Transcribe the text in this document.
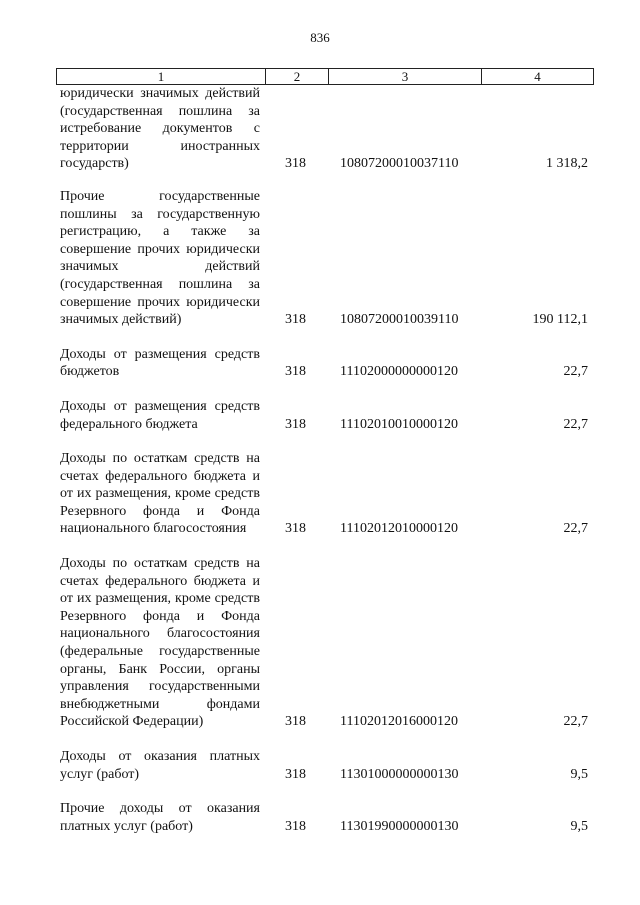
836
1	2	3	4
юридически значимых действий (государственная пошлина за истребование документов с территории иностранных государств)	318	10807200010037110	1 318,2
Прочие государственные пошлины за государственную регистрацию, а также за совершение прочих юридически значимых действий (государственная пошлина за совершение прочих юридически значимых действий)	318	10807200010039110	190 112,1
Доходы от размещения средств бюджетов	318	11102000000000120	22,7
Доходы от размещения средств федерального бюджета	318	11102010010000120	22,7
Доходы по остаткам средств на счетах федерального бюджета и от их размещения, кроме средств Резервного фонда и Фонда национального благосостояния	318	11102012010000120	22,7
Доходы по остаткам средств на счетах федерального бюджета и от их размещения, кроме средств Резервного фонда и Фонда национального благосостояния (федеральные государственные органы, Банк России, органы управления государственными внебюджетными фондами Российской Федерации)	318	11102012016000120	22,7
Доходы от оказания платных услуг (работ)	318	11301000000000130	9,5
Прочие доходы от оказания платных услуг (работ)	318	11301990000000130	9,5
